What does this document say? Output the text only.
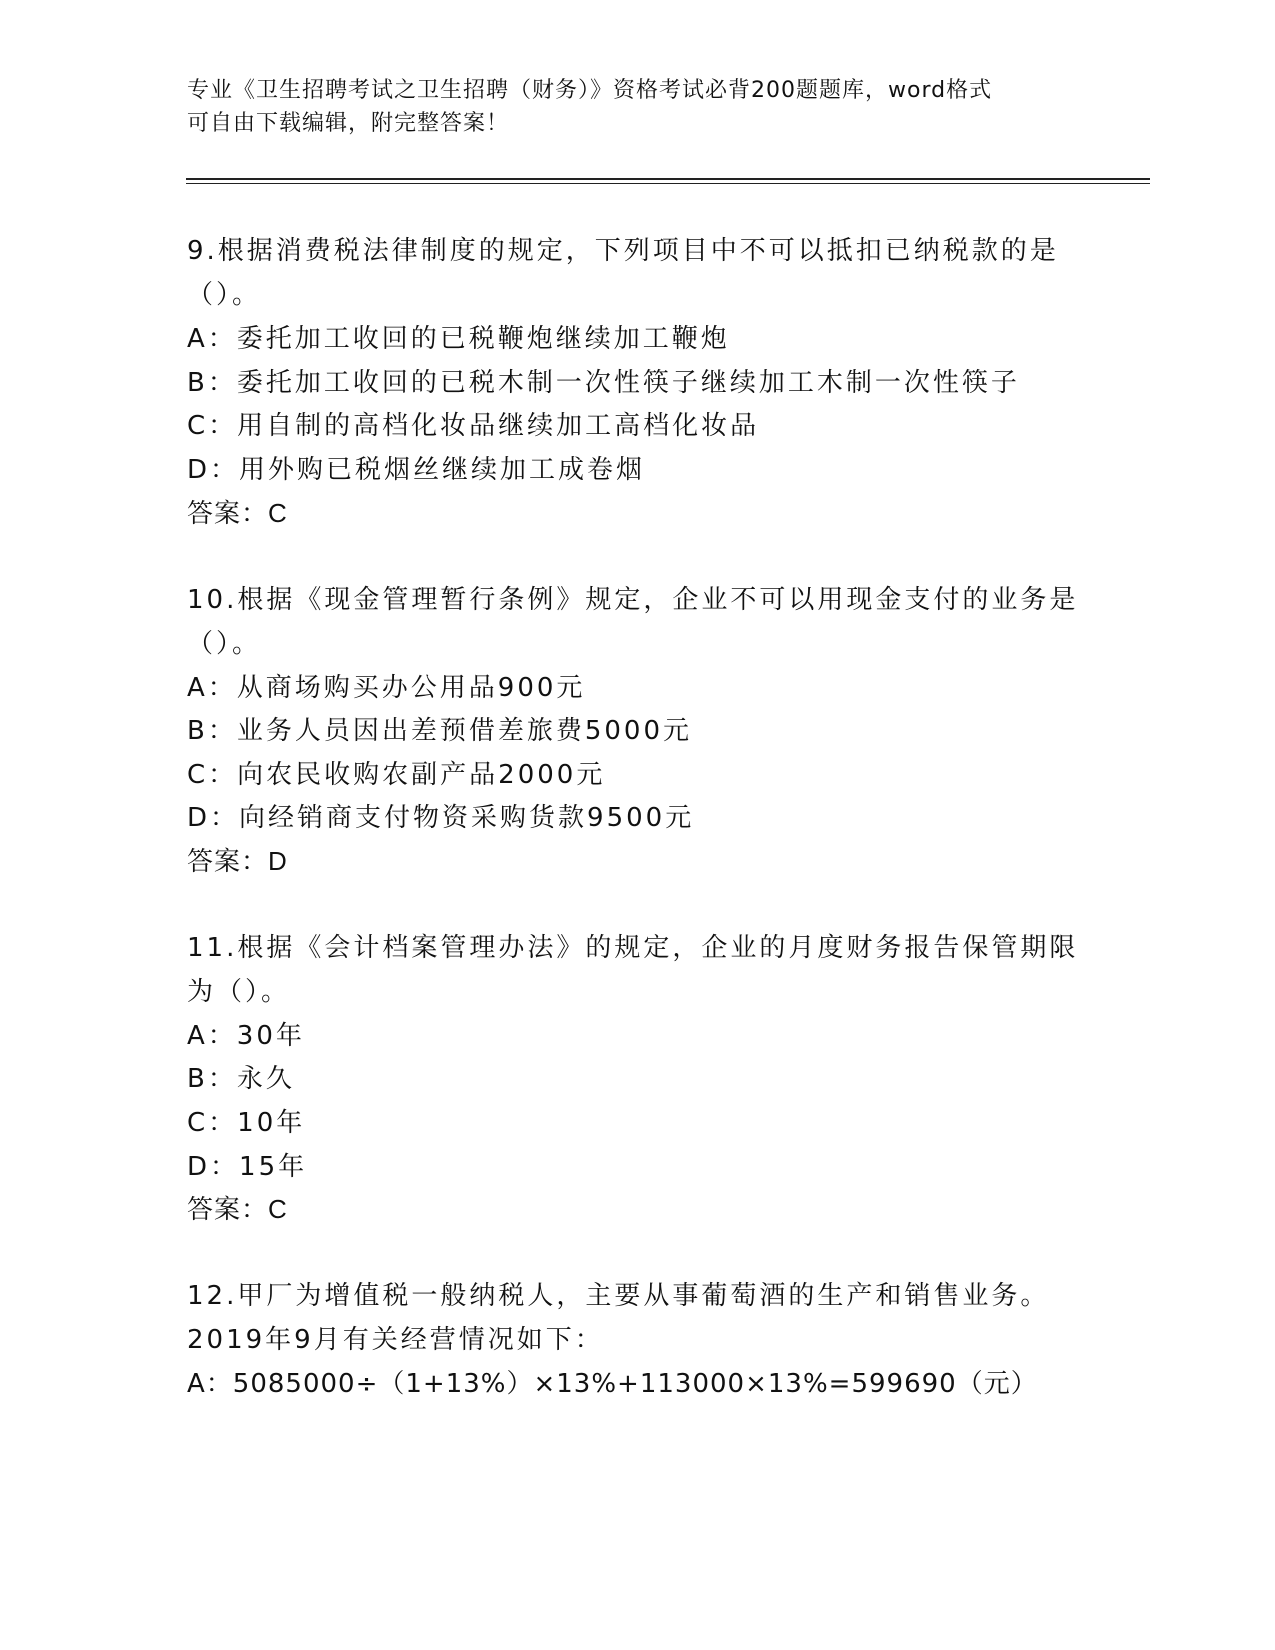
专业《卫生招聘考试之卫生招聘（财务）》资格考试必背200题题库，word格式
可自由下载编辑，附完整答案！
9.根据消费税法律制度的规定，下列项目中不可以抵扣已纳税款的是
（）。
A：委托加工收回的已税鞭炮继续加工鞭炮
B：委托加工收回的已税木制一次性筷子继续加工木制一次性筷子
C：用自制的高档化妆品继续加工高档化妆品
D：用外购已税烟丝继续加工成卷烟
答案：C
10.根据《现金管理暂行条例》规定，企业不可以用现金支付的业务是
（）。
A：从商场购买办公用品900元
B：业务人员因出差预借差旅费5000元
C：向农民收购农副产品2000元
D：向经销商支付物资采购货款9500元
答案：D
11.根据《会计档案管理办法》的规定，企业的月度财务报告保管期限
为（）。
A：30年
B：永久
C：10年
D：15年
答案：C
12.甲厂为增值税一般纳税人，主要从事葡萄酒的生产和销售业务。
2019年9月有关经营情况如下：
A：5085000÷（1+13%）×13%+113000×13%=599690（元）
